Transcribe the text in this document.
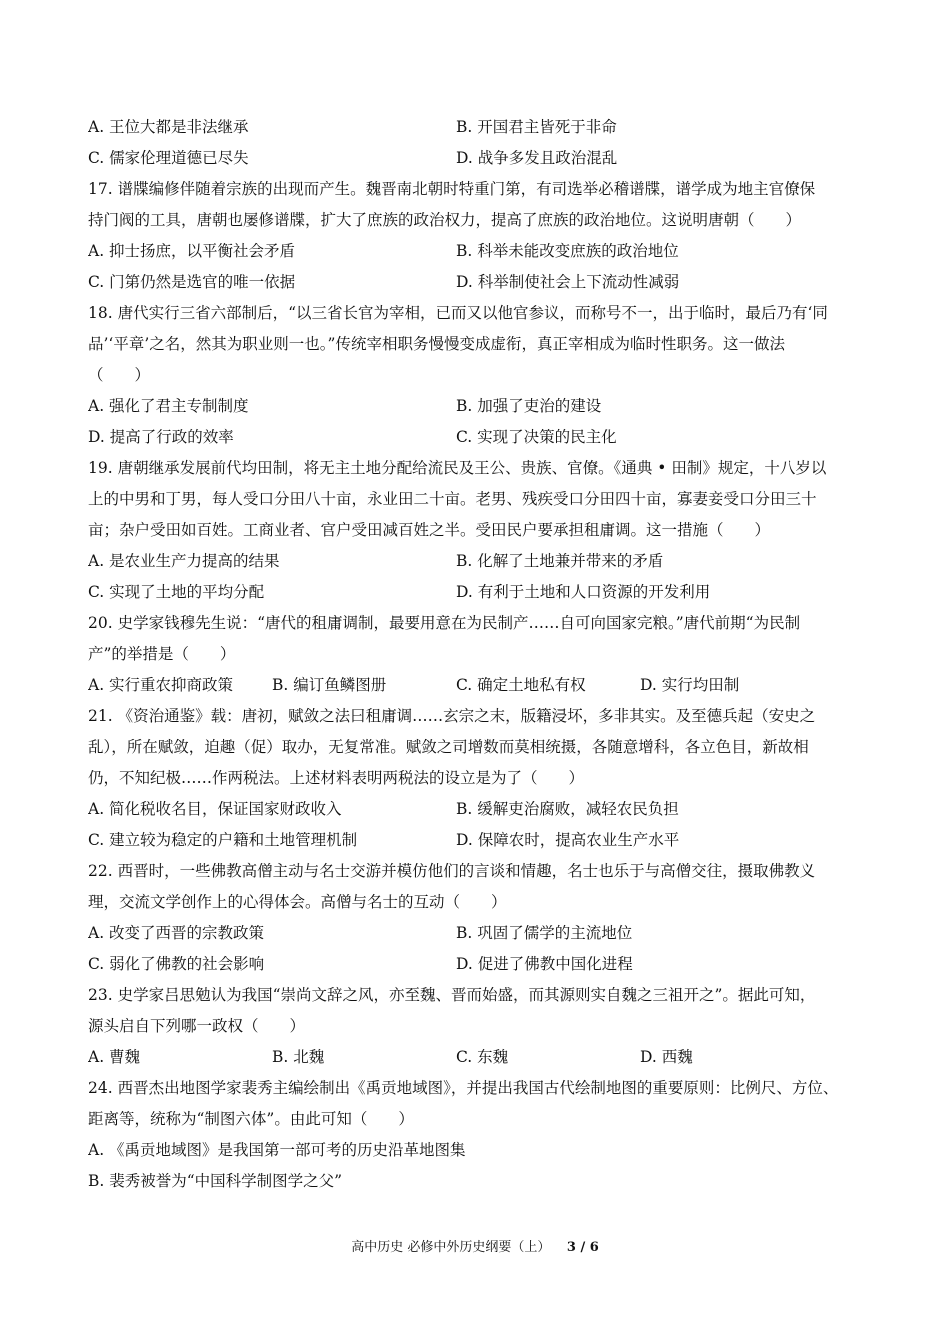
A. 王位大都是非法继承	B. 开国君主皆死于非命
C. 儒家伦理道德已尽失	D. 战争多发且政治混乱
17. 谱牒编修伴随着宗族的出现而产生。魏晋南北朝时特重门第，有司选举必稽谱牒，谱学成为地主官僚保
持门阀的工具，唐朝也屡修谱牒，扩大了庶族的政治权力，提高了庶族的政治地位。这说明唐朝（　　）
A. 抑士扬庶，以平衡社会矛盾	B. 科举未能改变庶族的政治地位
C. 门第仍然是选官的唯一依据	D. 科举制使社会上下流动性减弱
18. 唐代实行三省六部制后，“以三省长官为宰相，已而又以他官参议，而称号不一，出于临时，最后乃有‘同
品’‘平章’之名，然其为职业则一也。”传统宰相职务慢慢变成虚衔，真正宰相成为临时性职务。这一做法
（　　）
A. 强化了君主专制制度	B. 加强了吏治的建设
D. 提高了行政的效率	C. 实现了决策的民主化
19. 唐朝继承发展前代均田制，将无主土地分配给流民及王公、贵族、官僚。《通典 • 田制》规定，十八岁以
上的中男和丁男，每人受口分田八十亩，永业田二十亩。老男、残疾受口分田四十亩，寡妻妾受口分田三十
亩；杂户受田如百姓。工商业者、官户受田减百姓之半。受田民户要承担租庸调。这一措施（　　）
A. 是农业生产力提高的结果	B. 化解了土地兼并带来的矛盾
C. 实现了土地的平均分配	D. 有利于土地和人口资源的开发利用
20. 史学家钱穆先生说：“唐代的租庸调制，最要用意在为民制产……自可向国家完粮。”唐代前期“为民制
产”的举措是（　　）
A. 实行重农抑商政策	B. 编订鱼鳞图册	C. 确定土地私有权	D. 实行均田制
21. 《资治通鉴》载：唐初，赋敛之法曰租庸调……玄宗之末，版籍浸坏，多非其实。及至德兵起（安史之
乱），所在赋敛，迫趣（促）取办，无复常准。赋敛之司增数而莫相统摄，各随意增科，各立色目，新故相
仍，不知纪极……作两税法。上述材料表明两税法的设立是为了（　　）
A. 简化税收名目，保证国家财政收入	B. 缓解吏治腐败，减轻农民负担
C. 建立较为稳定的户籍和土地管理机制	D. 保障农时，提高农业生产水平
22. 西晋时，一些佛教高僧主动与名士交游并模仿他们的言谈和情趣，名士也乐于与高僧交往，摄取佛教义
理，交流文学创作上的心得体会。高僧与名士的互动（　　）
A. 改变了西晋的宗教政策	B. 巩固了儒学的主流地位
C. 弱化了佛教的社会影响	D. 促进了佛教中国化进程
23. 史学家吕思勉认为我国“崇尚文辞之风，亦至魏、晋而始盛，而其源则实自魏之三祖开之”。据此可知，
源头启自下列哪一政权（　　）
A. 曹魏	B. 北魏	C. 东魏	D. 西魏
24. 西晋杰出地图学家裴秀主编绘制出《禹贡地域图》，并提出我国古代绘制地图的重要原则：比例尺、方位、
距离等，统称为“制图六体”。由此可知（　　）
A. 《禹贡地域图》是我国第一部可考的历史沿革地图集
B. 裴秀被誉为“中国科学制图学之父”
高中历史 必修中外历史纲要（上） 3 / 6
